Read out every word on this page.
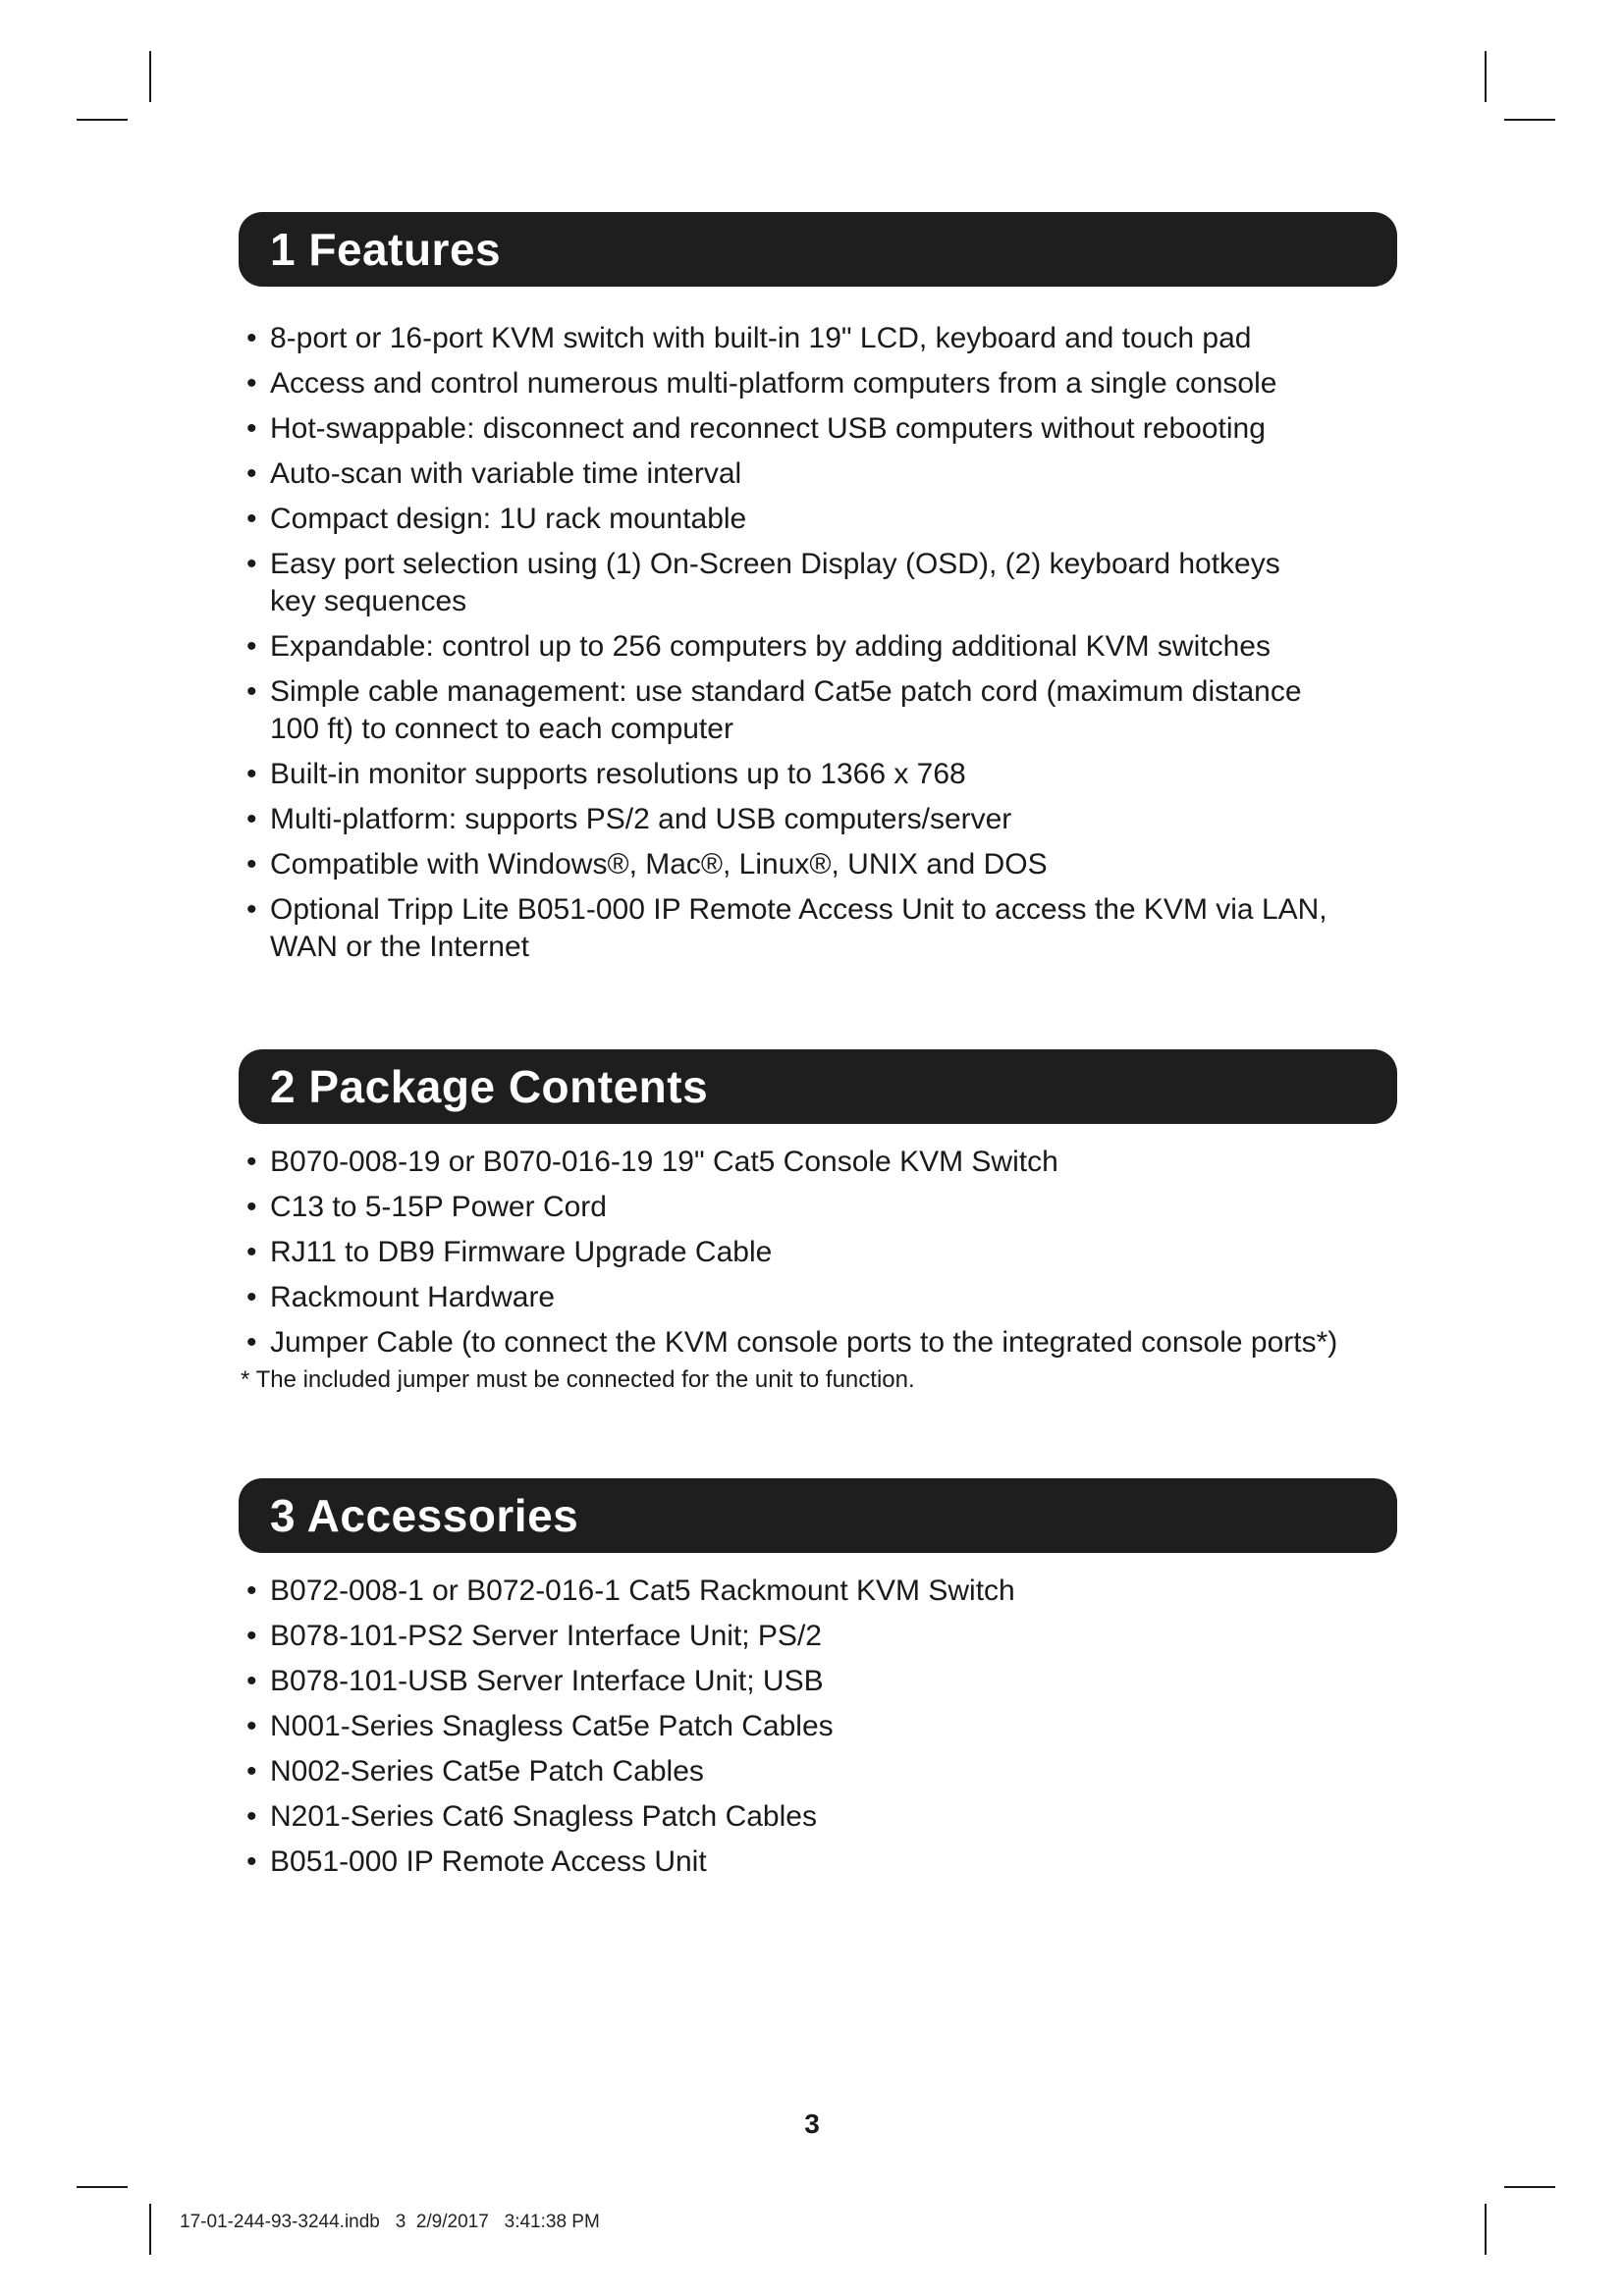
1 Features
• 8-port or 16-port KVM switch with built-in 19" LCD, keyboard and touch pad
• Access and control numerous multi-platform computers from a single console
• Hot-swappable: disconnect and reconnect USB computers without rebooting
• Auto-scan with variable time interval
• Compact design: 1U rack mountable
• Easy port selection using (1) On-Screen Display (OSD), (2) keyboard hotkeys key sequences
• Expandable: control up to 256 computers by adding additional KVM switches
• Simple cable management: use standard Cat5e patch cord (maximum distance 100 ft) to connect to each computer
• Built-in monitor supports resolutions up to 1366 x 768
• Multi-platform: supports PS/2 and USB computers/server
• Compatible with Windows®, Mac®, Linux®, UNIX and DOS
• Optional Tripp Lite B051-000 IP Remote Access Unit to access the KVM via LAN, WAN or the Internet
2 Package Contents
• B070-008-19 or B070-016-19 19" Cat5 Console KVM Switch
• C13 to 5-15P Power Cord
• RJ11 to DB9 Firmware Upgrade Cable
• Rackmount Hardware
• Jumper Cable (to connect the KVM console ports to the integrated console ports*)
* The included jumper must be connected for the unit to function.
3 Accessories
• B072-008-1 or B072-016-1 Cat5 Rackmount KVM Switch
• B078-101-PS2 Server Interface Unit; PS/2
• B078-101-USB Server Interface Unit; USB
• N001-Series Snagless Cat5e Patch Cables
• N002-Series Cat5e Patch Cables
• N201-Series Cat6 Snagless Patch Cables
• B051-000 IP Remote Access Unit
3
17-01-244-93-3244.indb   3  2/9/2017   3:41:38 PM
